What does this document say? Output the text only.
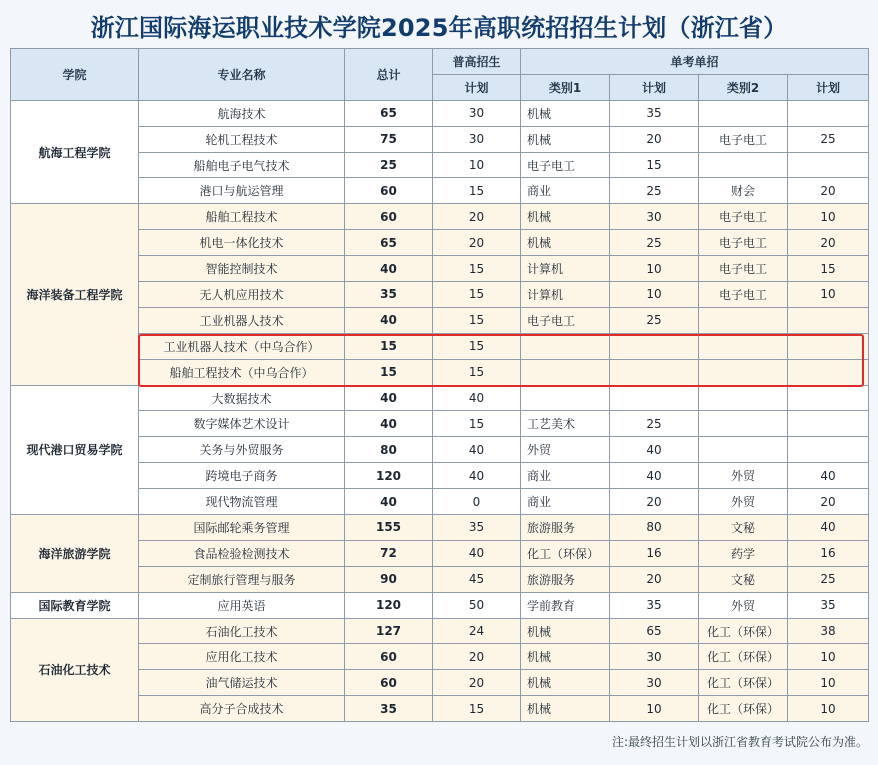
浙江国际海运职业技术学院2025年高职统招招生计划（浙江省）
学院	专业名称	总计	普高招生	单考单招			
			计划	类别1	计划	类别2	计划
航海工程学院	航海技术	65	30	机械	35		
	轮机工程技术	75	30	机械	20	电子电工	25
	船舶电子电气技术	25	10	电子电工	15		
	港口与航运管理	60	15	商业	25	财会	20
海洋装备工程学院	船舶工程技术	60	20	机械	30	电子电工	10
	机电一体化技术	65	20	机械	25	电子电工	20
	智能控制技术	40	15	计算机	10	电子电工	15
	无人机应用技术	35	15	计算机	10	电子电工	10
	工业机器人技术	40	15	电子电工	25		
	工业机器人技术（中乌合作）	15	15				
	船舶工程技术（中乌合作）	15	15				
现代港口贸易学院	大数据技术	40	40				
	数字媒体艺术设计	40	15	工艺美术	25		
	关务与外贸服务	80	40	外贸	40		
	跨境电子商务	120	40	商业	40	外贸	40
	现代物流管理	40	0	商业	20	外贸	20
海洋旅游学院	国际邮轮乘务管理	155	35	旅游服务	80	文秘	40
	食品检验检测技术	72	40	化工（环保）	16	药学	16
	定制旅行管理与服务	90	45	旅游服务	20	文秘	25
国际教育学院	应用英语	120	50	学前教育	35	外贸	35
石油化工技术	石油化工技术	127	24	机械	65	化工（环保）	38
	应用化工技术	60	20	机械	30	化工（环保）	10
	油气储运技术	60	20	机械	30	化工（环保）	10
	高分子合成技术	35	15	机械	10	化工（环保）	10
注:最终招生计划以浙江省教育考试院公布为准。
